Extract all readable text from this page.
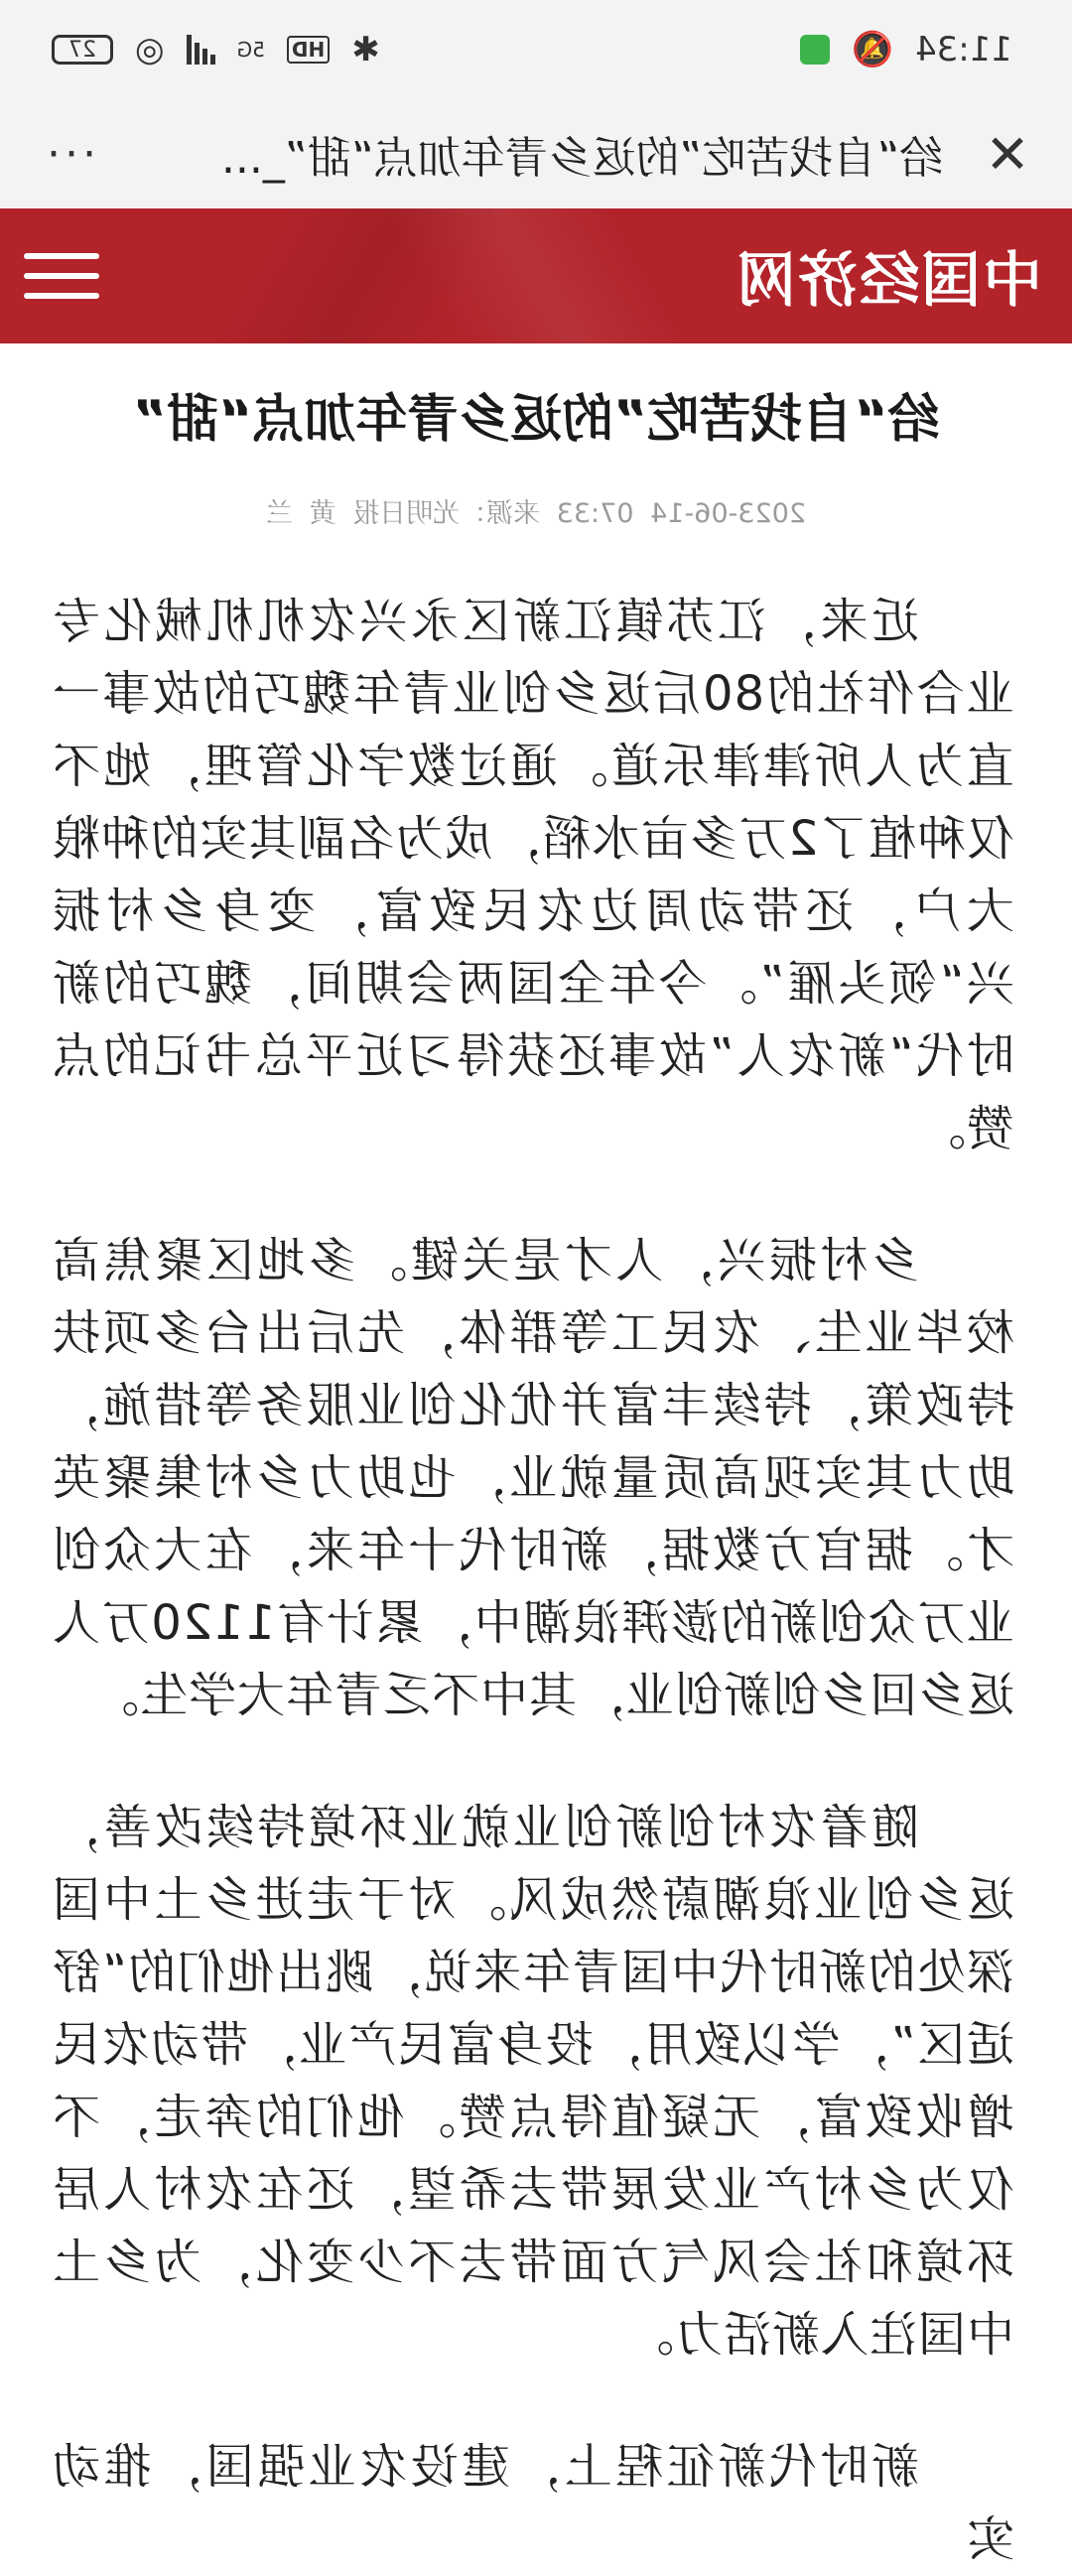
11:34
🔕
✱
HD
5G
◎
27
✕
给“自找苦吃”的返乡青年加点“甜”_...
···
中国经济网
给“自找苦吃”的返乡青年加点“甜”
2023-06-14 07:33 来源：光明日报 黄 兰

近来，江苏镇江新区永兴农机机械化专业合作社的80后返乡创业青年魏巧的故事一直为人所津津乐道。通过数字化管理，她不仅种植了2万多亩水稻，成为名副其实的种粮大户，还带动周边农民致富，变身乡村振兴“领头雁”。今年全国两会期间，魏巧的新时代“新农人”故事还获得习近平总书记的点赞。

乡村振兴，人才是关键。多地区聚焦高校毕业生、农民工等群体，先后出台多项扶持政策，持续丰富并优化创业服务等措施，助力其实现高质量就业，也助力乡村集聚英才。据官方数据，新时代十年来，在大众创业万众创新的澎湃浪潮中，累计有1120万人返乡回乡创新创业，其中不乏青年大学生。

随着农村创新创业就业环境持续改善，返乡创业浪潮蔚然成风。对于走进乡土中国深处的新时代中国青年来说，跳出他们的“舒适区”，学以致用，投身富民产业，带动农民增收致富，无疑值得点赞。他们的奔走，不仅为乡村产业发展带去希望，还在农村人居环境和社会风气方面带去不少变化，为乡土中国注入新活力。

新时代新征程上，建设农业强国，推动实
